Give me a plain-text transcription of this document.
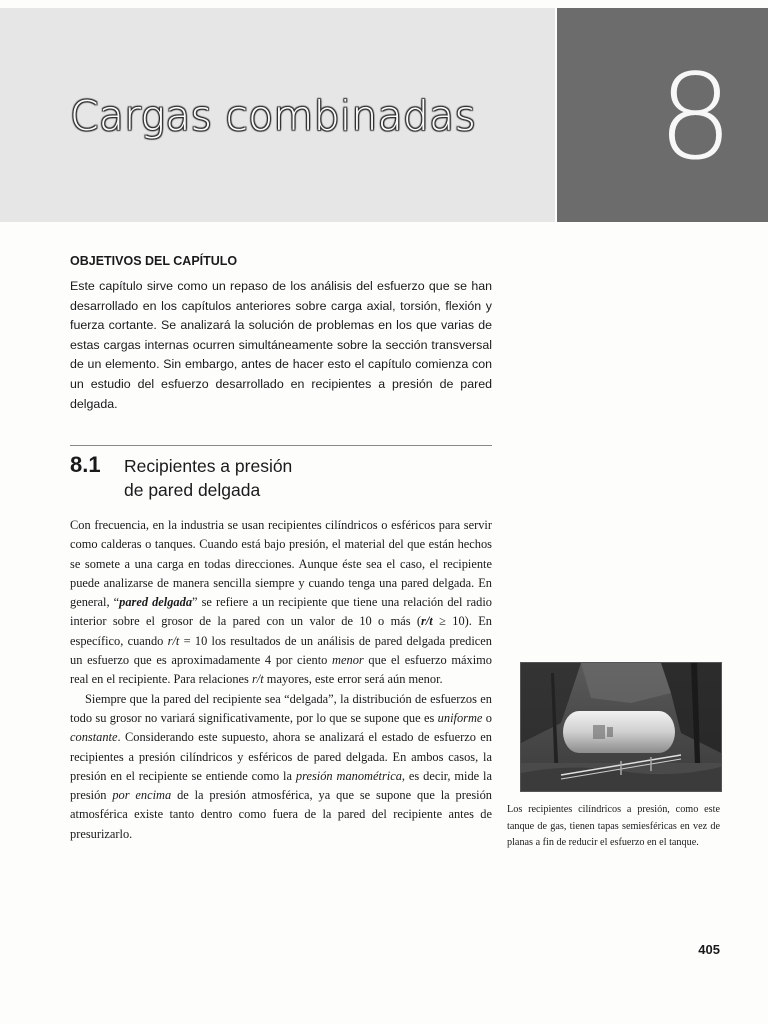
Cargas combinadas	8
OBJETIVOS DEL CAPÍTULO
Este capítulo sirve como un repaso de los análisis del esfuerzo que se han desarrollado en los capítulos anteriores sobre carga axial, torsión, flexión y fuerza cortante. Se analizará la solución de problemas en los que varias de estas cargas internas ocurren simultáneamente sobre la sección transversal de un elemento. Sin embargo, antes de hacer esto el capítulo comienza con un estudio del esfuerzo desarrollado en recipientes a presión de pared delgada.
8.1 Recipientes a presión
de pared delgada

Con frecuencia, en la industria se usan recipientes cilíndricos o esféricos para servir como calderas o tanques. Cuando está bajo presión, el material del que están hechos se somete a una carga en todas direcciones. Aunque éste sea el caso, el recipiente puede analizarse de manera sencilla siempre y cuando tenga una pared delgada. En general, “pared delgada” se refiere a un recipiente que tiene una relación del radio interior sobre el grosor de la pared con un valor de 10 o más (r/t ≥ 10). En específico, cuando r/t = 10 los resultados de un análisis de pared delgada predicen un esfuerzo que es aproximadamente 4 por ciento menor que el esfuerzo máximo real en el recipiente. Para relaciones r/t mayores, este error será aún menor.

Siempre que la pared del recipiente sea “delgada”, la distribución de esfuerzos en todo su grosor no variará significativamente, por lo que se supone que es uniforme o constante. Considerando este supuesto, ahora se analizará el estado de esfuerzo en recipientes a presión cilíndricos y esféricos de pared delgada. En ambos casos, la presión en el recipiente se entiende como la presión manométrica, es decir, mide la presión por encima de la presión atmosférica, ya que se supone que la presión atmosférica existe tanto dentro como fuera de la pared del recipiente antes de presurizarlo.

Los recipientes cilíndricos a presión, como este tanque de gas, tienen tapas semiesféricas en vez de planas a fin de reducir el esfuerzo en el tanque.
405
